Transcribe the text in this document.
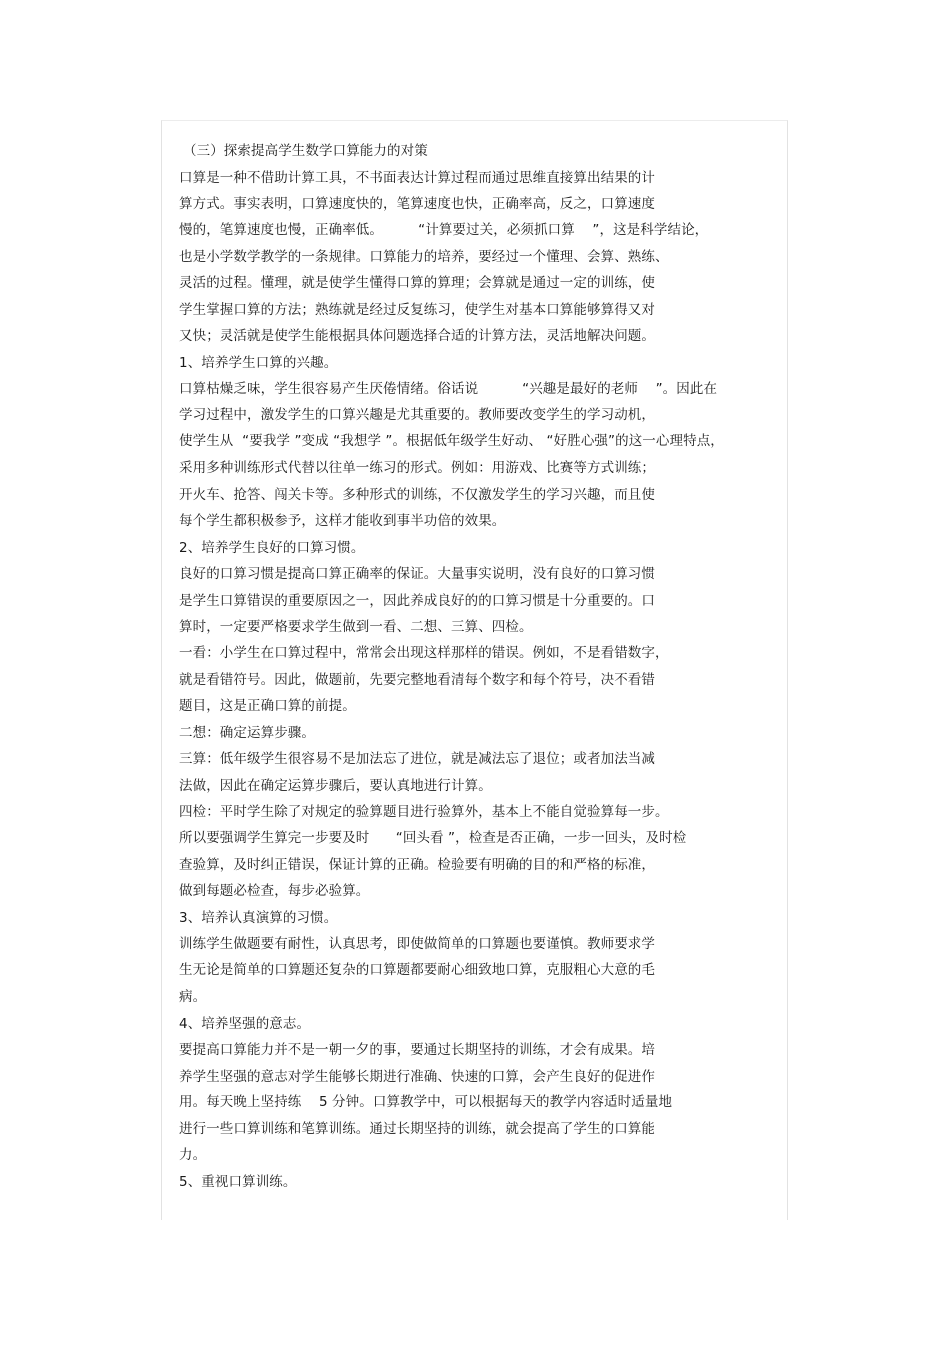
（三）探索提高学生数学口算能力的对策
口算是一种不借助计算工具，不书面表达计算过程而通过思维直接算出结果的计
算方式。事实表明，口算速度快的，笔算速度也快，正确率高，反之，口算速度
慢的，笔算速度也慢，正确率低。        “计算要过关，必须抓口算    ”，这是科学结论，
也是小学数学教学的一条规律。口算能力的培养，要经过一个懂理、会算、熟练、
灵活的过程。懂理，就是使学生懂得口算的算理；会算就是通过一定的训练，使
学生掌握口算的方法；熟练就是经过反复练习，使学生对基本口算能够算得又对
又快；灵活就是使学生能根据具体问题选择合适的计算方法，灵活地解决问题。
1、培养学生口算的兴趣。
口算枯燥乏味，学生很容易产生厌倦情绪。俗话说          “兴趣是最好的老师    ”。因此在
学习过程中，激发学生的口算兴趣是尤其重要的。教师要改变学生的学习动机，
使学生从  “要我学 ”变成 “我想学 ”。根据低年级学生好动、 “好胜心强”的这一心理特点，
采用多种训练形式代替以往单一练习的形式。例如：用游戏、比赛等方式训练；
开火车、抢答、闯关卡等。多种形式的训练，不仅激发学生的学习兴趣，而且使
每个学生都积极参予，这样才能收到事半功倍的效果。
2、培养学生良好的口算习惯。
良好的口算习惯是提高口算正确率的保证。大量事实说明，没有良好的口算习惯
是学生口算错误的重要原因之一，因此养成良好的的口算习惯是十分重要的。口
算时，一定要严格要求学生做到一看、二想、三算、四检。
一看：小学生在口算过程中，常常会出现这样那样的错误。例如，不是看错数字，
就是看错符号。因此，做题前，先要完整地看清每个数字和每个符号，决不看错
题目，这是正确口算的前提。
二想：确定运算步骤。
三算：低年级学生很容易不是加法忘了进位，就是减法忘了退位；或者加法当减
法做，因此在确定运算步骤后，要认真地进行计算。
四检：平时学生除了对规定的验算题目进行验算外，基本上不能自觉验算每一步。
所以要强调学生算完一步要及时      “回头看 ”，检查是否正确，一步一回头，及时检
查验算，及时纠正错误，保证计算的正确。检验要有明确的目的和严格的标准，
做到每题必检查，每步必验算。
3、培养认真演算的习惯。
训练学生做题要有耐性，认真思考，即使做简单的口算题也要谨慎。教师要求学
生无论是简单的口算题还复杂的口算题都要耐心细致地口算，克服粗心大意的毛
病。
4、培养坚强的意志。
要提高口算能力并不是一朝一夕的事，要通过长期坚持的训练，才会有成果。培
养学生坚强的意志对学生能够长期进行准确、快速的口算，会产生良好的促进作
用。每天晚上坚持练    5 分钟。口算教学中，可以根据每天的教学内容适时适量地
进行一些口算训练和笔算训练。通过长期坚持的训练，就会提高了学生的口算能
力。
5、重视口算训练。
